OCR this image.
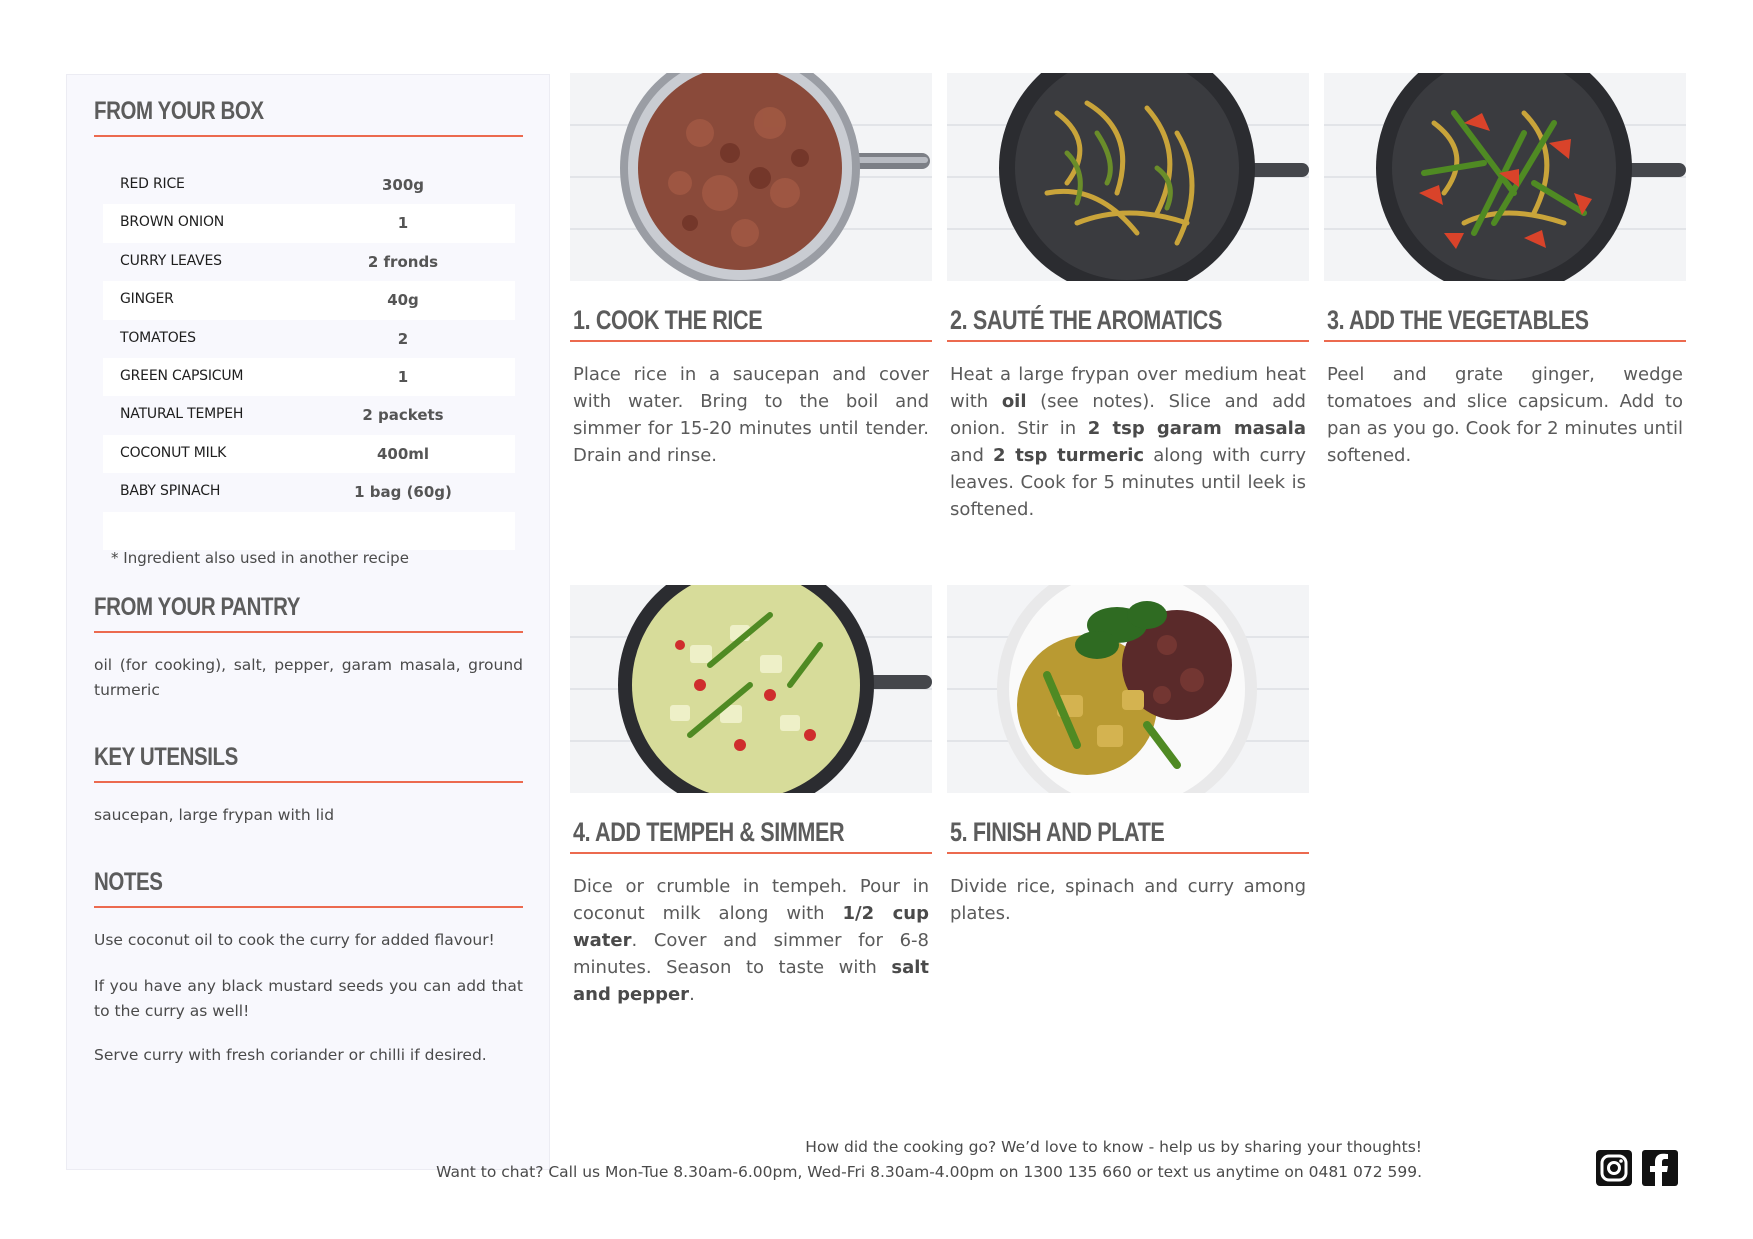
FROM YOUR BOX
RED RICE	300g
BROWN ONION	1
CURRY LEAVES	2 fronds
GINGER	40g
TOMATOES	2
GREEN CAPSICUM	1
NATURAL TEMPEH	2 packets
COCONUT MILK	400ml
BABY SPINACH	1 bag (60g)
* Ingredient also used in another recipe
FROM YOUR PANTRY
oil (for cooking), salt, pepper, garam masala, ground turmeric
KEY UTENSILS
saucepan, large frypan with lid
NOTES
Use coconut oil to cook the curry for added flavour!
If you have any black mustard seeds you can add that to the curry as well!
Serve curry with fresh coriander or chilli if desired.
1. COOK THE RICE
Place rice in a saucepan and cover with water. Bring to the boil and simmer for 15-20 minutes until tender. Drain and rinse.
2. SAUTÉ THE AROMATICS
Heat a large frypan over medium heat with oil (see notes). Slice and add onion. Stir in 2 tsp garam masala and 2 tsp turmeric along with curry leaves. Cook for 5 minutes until leek is softened.
3. ADD THE VEGETABLES
Peel and grate ginger, wedge tomatoes and slice capsicum. Add to pan as you go. Cook for 2 minutes until softened.
4. ADD TEMPEH & SIMMER
Dice or crumble in tempeh. Pour in coconut milk along with 1/2 cup water. Cover and simmer for 6-8 minutes. Season to taste with salt and pepper.
5. FINISH AND PLATE
Divide rice, spinach and curry among plates.
How did the cooking go? We’d love to know - help us by sharing your thoughts!
Want to chat? Call us Mon-Tue 8.30am-6.00pm, Wed-Fri 8.30am-4.00pm on 1300 135 660 or text us anytime on 0481 072 599.
